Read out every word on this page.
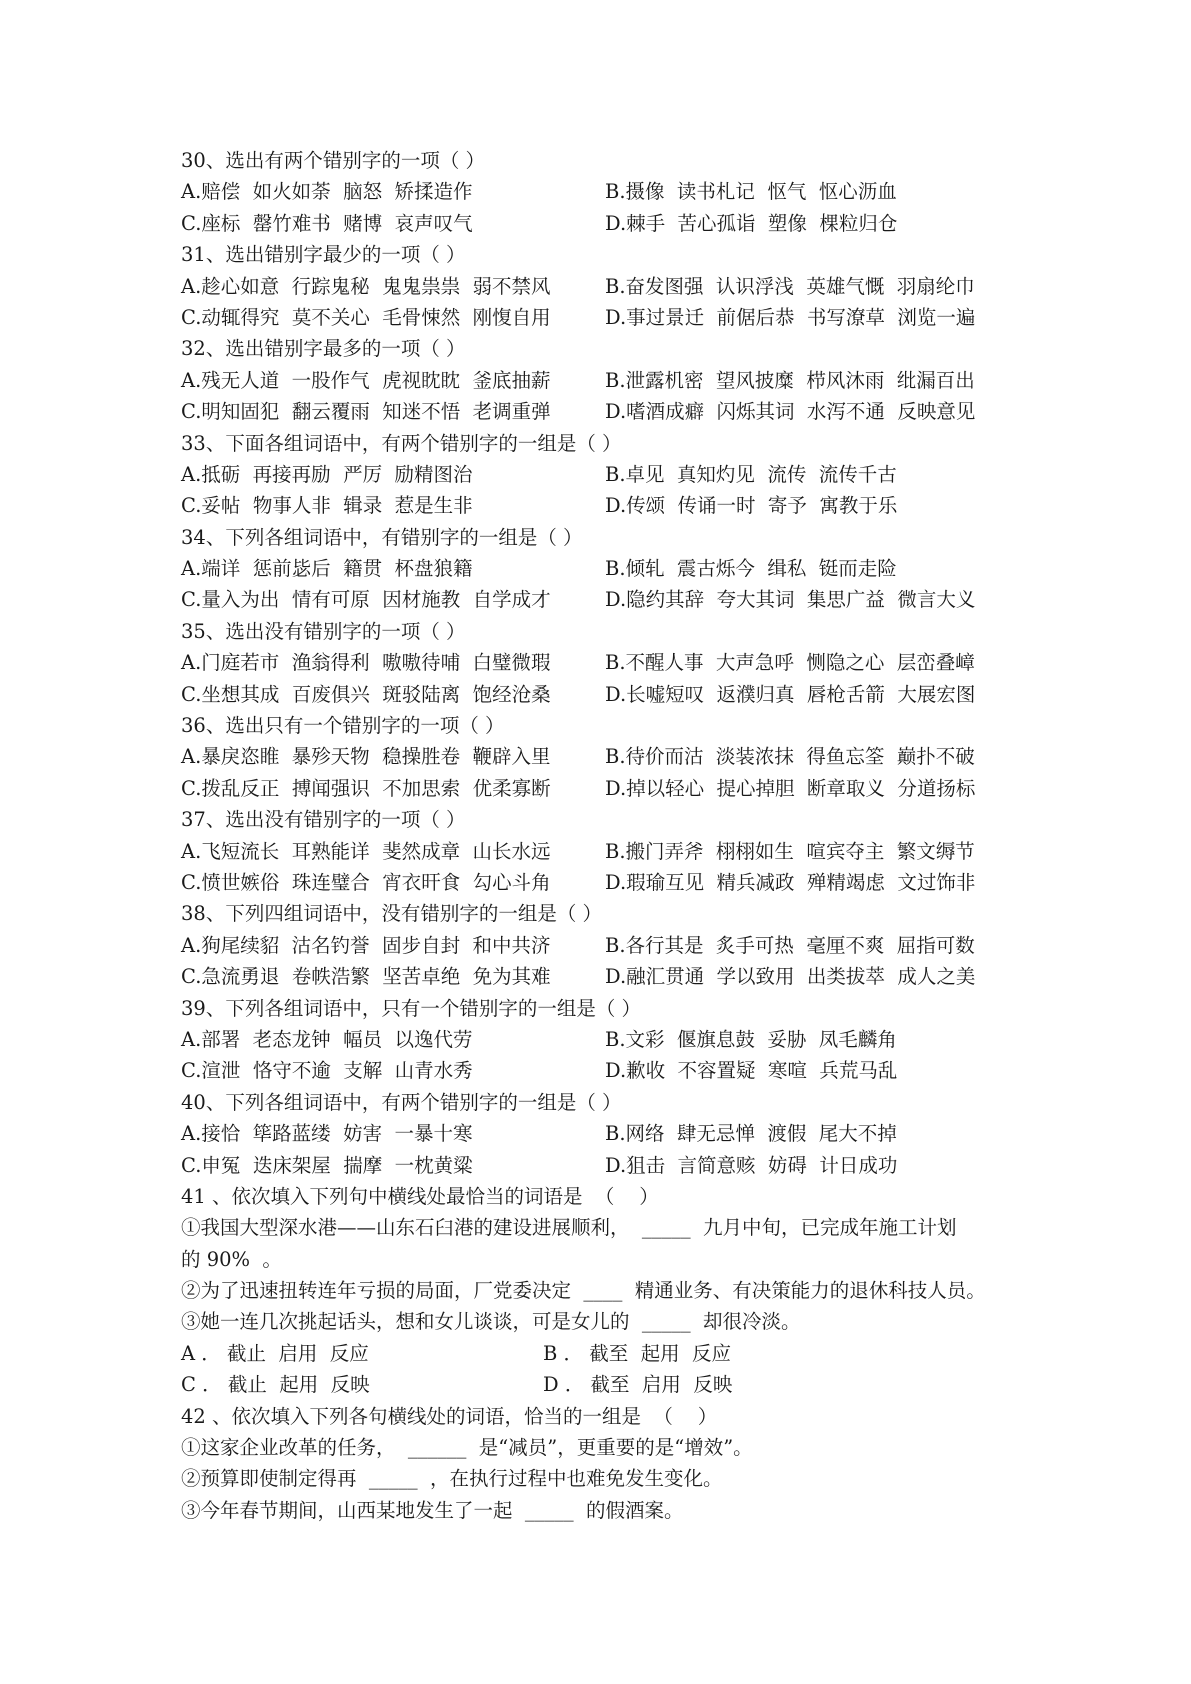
30、选出有两个错别字的一项（ ）

A.赔偿  如火如荼  脑怒  矫揉造作

	B.摄像  读书札记  怄气  怄心沥血

C.座标  罄竹难书  赌博  哀声叹气

	D.棘手  苦心孤诣  塑像  棵粒归仓

31、选出错别字最少的一项（ ）

A.趁心如意  行踪鬼秘  鬼鬼祟祟  弱不禁风

	B.奋发图强  认识浮浅  英雄气慨  羽扇纶巾

C.动辄得究  莫不关心  毛骨悚然  刚愎自用

	D.事过景迁  前倨后恭  书写潦草  浏览一遍

32、选出错别字最多的一项（ ）

A.残无人道  一股作气  虎视眈眈  釜底抽薪

	B.泄露机密  望风披糜  栉风沐雨  纰漏百出

C.明知固犯  翻云覆雨  知迷不悟  老调重弹

	D.嗜酒成癖  闪烁其词  水泻不通  反映意见

33、下面各组词语中，有两个错别字的一组是（ ）

A.抵砺  再接再励  严厉  励精图治

	B.卓见  真知灼见  流传  流传千古

C.妥帖  物事人非  辑录  惹是生非

	D.传颂  传诵一时  寄予  寓教于乐

34、下列各组词语中，有错别字的一组是（ ）

A.端详  惩前毖后  籍贯  杯盘狼籍

	B.倾轧  震古烁今  缉私  铤而走险

C.量入为出  情有可原  因材施教  自学成才

	D.隐约其辞  夸大其词  集思广益  微言大义

35、选出没有错别字的一项（ ）

A.门庭若市  渔翁得利  嗷嗷待哺  白璧微瑕

	B.不醒人事  大声急呼  恻隐之心  层峦叠嶂

C.坐想其成  百废俱兴  斑驳陆离  饱经沧桑

	D.长嘘短叹  返濮归真  唇枪舌箭  大展宏图

36、选出只有一个错别字的一项（ ）

A.暴戾恣睢  暴殄天物  稳操胜卷  鞭辟入里

	B.待价而沽  淡装浓抹  得鱼忘筌  巅扑不破

C.拨乱反正  搏闻强识  不加思索  优柔寡断

	D.掉以轻心  提心掉胆  断章取义  分道扬标

37、选出没有错别字的一项（ ）

A.飞短流长  耳熟能详  斐然成章  山长水远

	B.搬门弄斧  栩栩如生  喧宾夺主  繁文缛节

C.愤世嫉俗  珠连璧合  宵衣旰食  勾心斗角

	D.瑕瑜互见  精兵减政  殚精竭虑  文过饰非

38、下列四组词语中，没有错别字的一组是（ ）

A.狗尾续貂  沽名钓誉  固步自封  和中共济

	B.各行其是  炙手可热  毫厘不爽  屈指可数

C.急流勇退  卷帙浩繁  坚苦卓绝  免为其难

	D.融汇贯通  学以致用  出类拔萃  成人之美

39、下列各组词语中，只有一个错别字的一组是（ ）

A.部署  老态龙钟  幅员  以逸代劳

	B.文彩  偃旗息鼓  妥胁  凤毛麟角

C.渲泄  恪守不逾  支解  山青水秀

	D.歉收  不容置疑  寒喧  兵荒马乱

40、下列各组词语中，有两个错别字的一组是（ ）

A.接恰  筚路蓝缕  妨害  一暴十寒

	B.网络  肆无忌惮  渡假  尾大不掉

C.申冤  迭床架屋  揣摩  一枕黄粱

	D.狙击  言简意赅  妨碍  计日成功

41 、依次填入下列句中横线处最恰当的词语是  （    ）
①我国大型深水港——山东石臼港的建设进展顺利，  _____  九月中旬，已完成年施工计划
的 90%  。
②为了迅速扭转连年亏损的局面，厂党委决定  ____  精通业务、有决策能力的退休科技人员。
③她一连几次挑起话头，想和女儿谈谈，可是女儿的  _____  却很冷淡。

A ． 截止  启用  反应

	B ． 截至  起用  反应

C ． 截止  起用  反映

	D ． 截至  启用  反映

42 、依次填入下列各句横线处的词语，恰当的一组是  （    ）
①这家企业改革的任务，  ______  是“减员”，更重要的是“增效”。
②预算即使制定得再  _____  ，在执行过程中也难免发生变化。
③今年春节期间，山西某地发生了一起  _____  的假酒案。
